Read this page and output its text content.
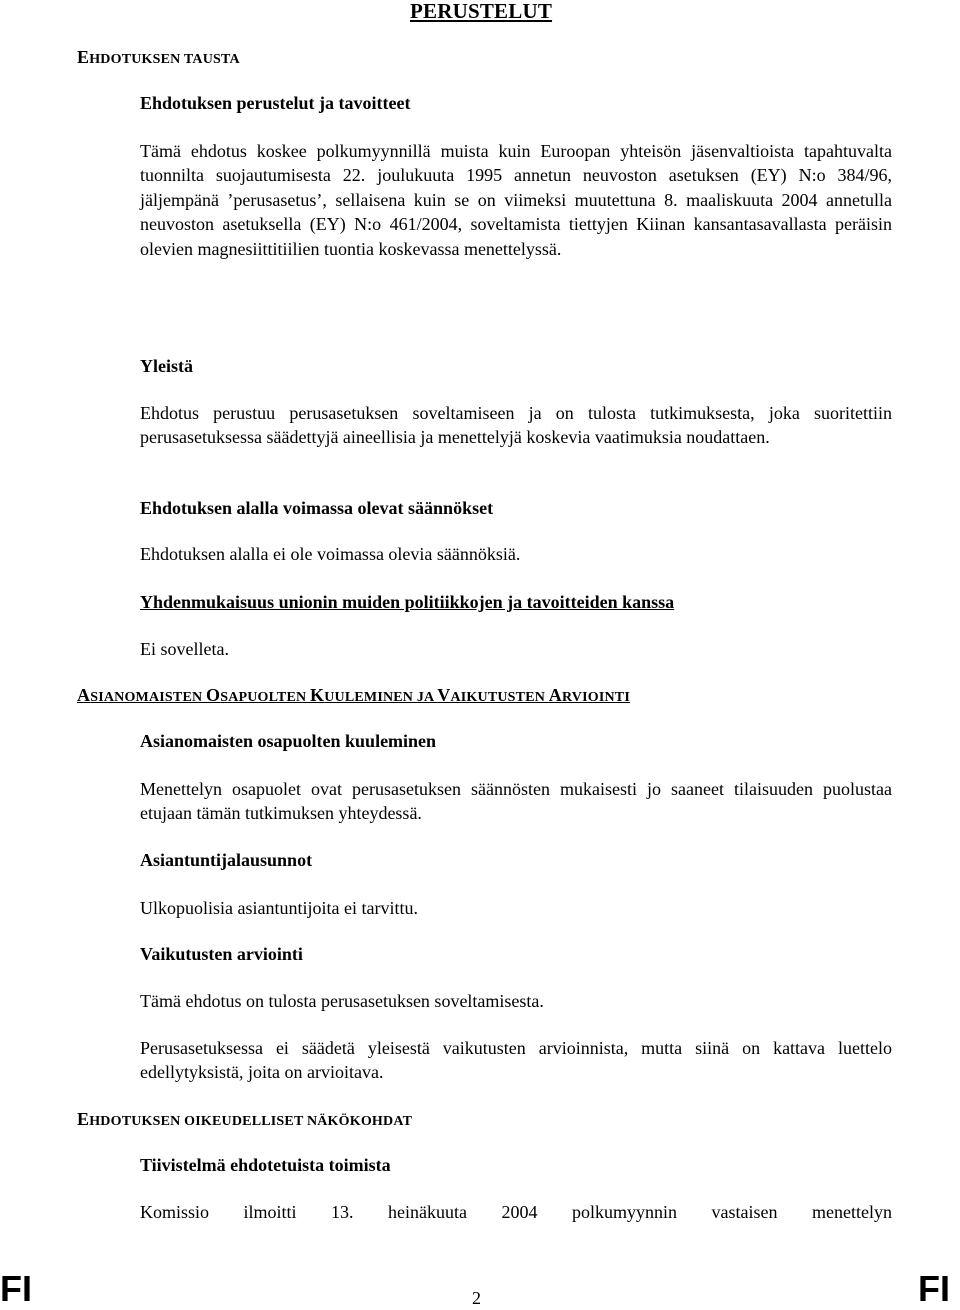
PERUSTELUT
EHDOTUKSEN TAUSTA
Ehdotuksen perustelut ja tavoitteet

Tämä ehdotus koskee polkumyynnillä muista kuin Euroopan yhteisön jäsenvaltioista tapahtuvalta tuonnilta suojautumisesta 22. joulukuuta 1995 annetun neuvoston asetuksen (EY) N:o 384/96, jäljempänä ’perusasetus’, sellaisena kuin se on viimeksi muutettuna 8. maaliskuuta 2004 annetulla neuvoston asetuksella (EY) N:o 461/2004, soveltamista tiettyjen Kiinan kansantasavallasta peräisin olevien magnesiittitiilien tuontia koskevassa menettelyssä.

Yleistä

Ehdotus perustuu perusasetuksen soveltamiseen ja on tulosta tutkimuksesta, joka suoritettiin perusasetuksessa säädettyjä aineellisia ja menettelyjä koskevia vaatimuksia noudattaen.

Ehdotuksen alalla voimassa olevat säännökset

Ehdotuksen alalla ei ole voimassa olevia säännöksiä.

Yhdenmukaisuus unionin muiden politiikkojen ja tavoitteiden kanssa

Ei sovelleta.

ASIANOMAISTEN OSAPUOLTEN KUULEMINEN JA VAIKUTUSTEN ARVIOINTI
Asianomaisten osapuolten kuuleminen

Menettelyn osapuolet ovat perusasetuksen säännösten mukaisesti jo saaneet tilaisuuden puolustaa etujaan tämän tutkimuksen yhteydessä.

Asiantuntijalausunnot

Ulkopuolisia asiantuntijoita ei tarvittu.

Vaikutusten arviointi

Tämä ehdotus on tulosta perusasetuksen soveltamisesta.

Perusasetuksessa ei säädetä yleisestä vaikutusten arvioinnista, mutta siinä on kattava luettelo edellytyksistä, joita on arvioitava.

EHDOTUKSEN OIKEUDELLISET NÄKÖKOHDAT
Tiivistelmä ehdotetuista toimista

Komissio ilmoitti 13. heinäkuuta 2004 polkumyynnin vastaisen menettelyn

FI	2	FI
